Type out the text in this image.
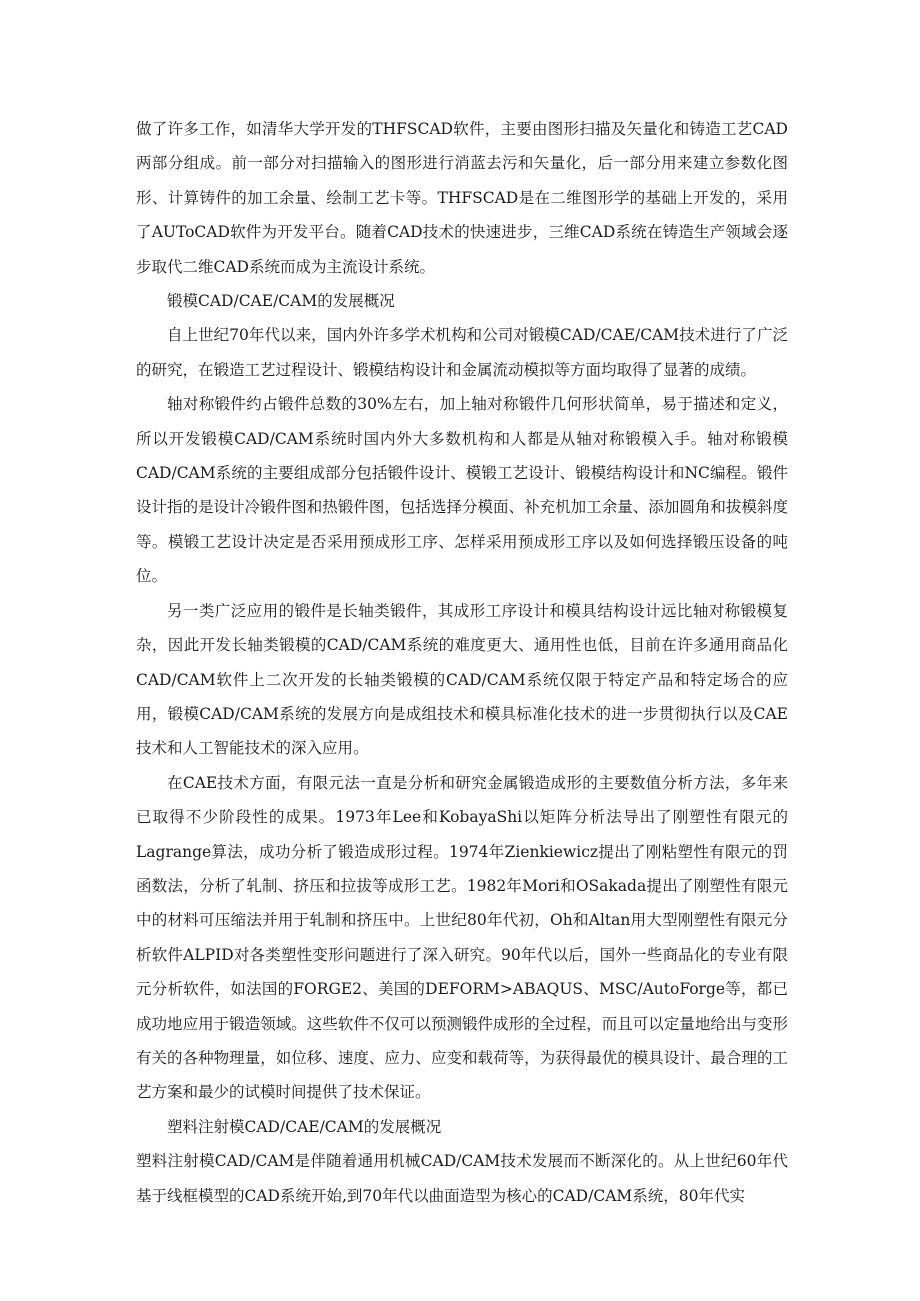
做了许多工作，如清华大学开发的THFSCAD软件，主要由图形扫描及矢量化和铸造工艺CAD两部分组成。前一部分对扫描输入的图形进行消蓝去污和矢量化，后一部分用来建立参数化图形、计算铸件的加工余量、绘制工艺卡等。THFSCAD是在二维图形学的基础上开发的，采用了AUToCAD软件为开发平台。随着CAD技术的快速进步，三维CAD系统在铸造生产领域会逐步取代二维CAD系统而成为主流设计系统。

锻模CAD/CAE/CAM的发展概况

自上世纪70年代以来，国内外许多学术机构和公司对锻模CAD/CAE/CAM技术进行了广泛的研究，在锻造工艺过程设计、锻模结构设计和金属流动模拟等方面均取得了显著的成绩。

轴对称锻件约占锻件总数的30%左右，加上轴对称锻件几何形状简单，易于描述和定义，所以开发锻模CAD/CAM系统时国内外大多数机构和人都是从轴对称锻模入手。轴对称锻模CAD/CAM系统的主要组成部分包括锻件设计、模锻工艺设计、锻模结构设计和NC编程。锻件设计指的是设计冷锻件图和热锻件图，包括选择分模面、补充机加工余量、添加圆角和拔模斜度等。模锻工艺设计决定是否采用预成形工序、怎样采用预成形工序以及如何选择锻压设备的吨位。

另一类广泛应用的锻件是长轴类锻件，其成形工序设计和模具结构设计远比轴对称锻模复杂，因此开发长轴类锻模的CAD/CAM系统的难度更大、通用性也低，目前在许多通用商品化CAD/CAM软件上二次开发的长轴类锻模的CAD/CAM系统仅限于特定产品和特定场合的应用，锻模CAD/CAM系统的发展方向是成组技术和模具标准化技术的进一步贯彻执行以及CAE技术和人工智能技术的深入应用。

在CAE技术方面，有限元法一直是分析和研究金属锻造成形的主要数值分析方法，多年来已取得不少阶段性的成果。1973年Lee和KobayaShi以矩阵分析法导出了刚塑性有限元的Lagrange算法，成功分析了锻造成形过程。1974年Zienkiewicz提出了刚粘塑性有限元的罚函数法，分析了轧制、挤压和拉拔等成形工艺。1982年Mori和OSakada提出了刚塑性有限元中的材料可压缩法并用于轧制和挤压中。上世纪80年代初，Oh和Altan用大型刚塑性有限元分析软件ALPID对各类塑性变形问题进行了深入研究。90年代以后，国外一些商品化的专业有限元分析软件，如法国的FORGE2、美国的DEFORM>ABAQUS、MSC/AutoForge等，都已成功地应用于锻造领域。这些软件不仅可以预测锻件成形的全过程，而且可以定量地给出与变形有关的各种物理量，如位移、速度、应力、应变和载荷等，为获得最优的模具设计、最合理的工艺方案和最少的试模时间提供了技术保证。

塑料注射模CAD/CAE/CAM的发展概况

塑料注射模CAD/CAM是伴随着通用机械CAD/CAM技术发展而不断深化的。从上世纪60年代基于线框模型的CAD系统开始,到70年代以曲面造型为核心的CAD/CAM系统，80年代实
